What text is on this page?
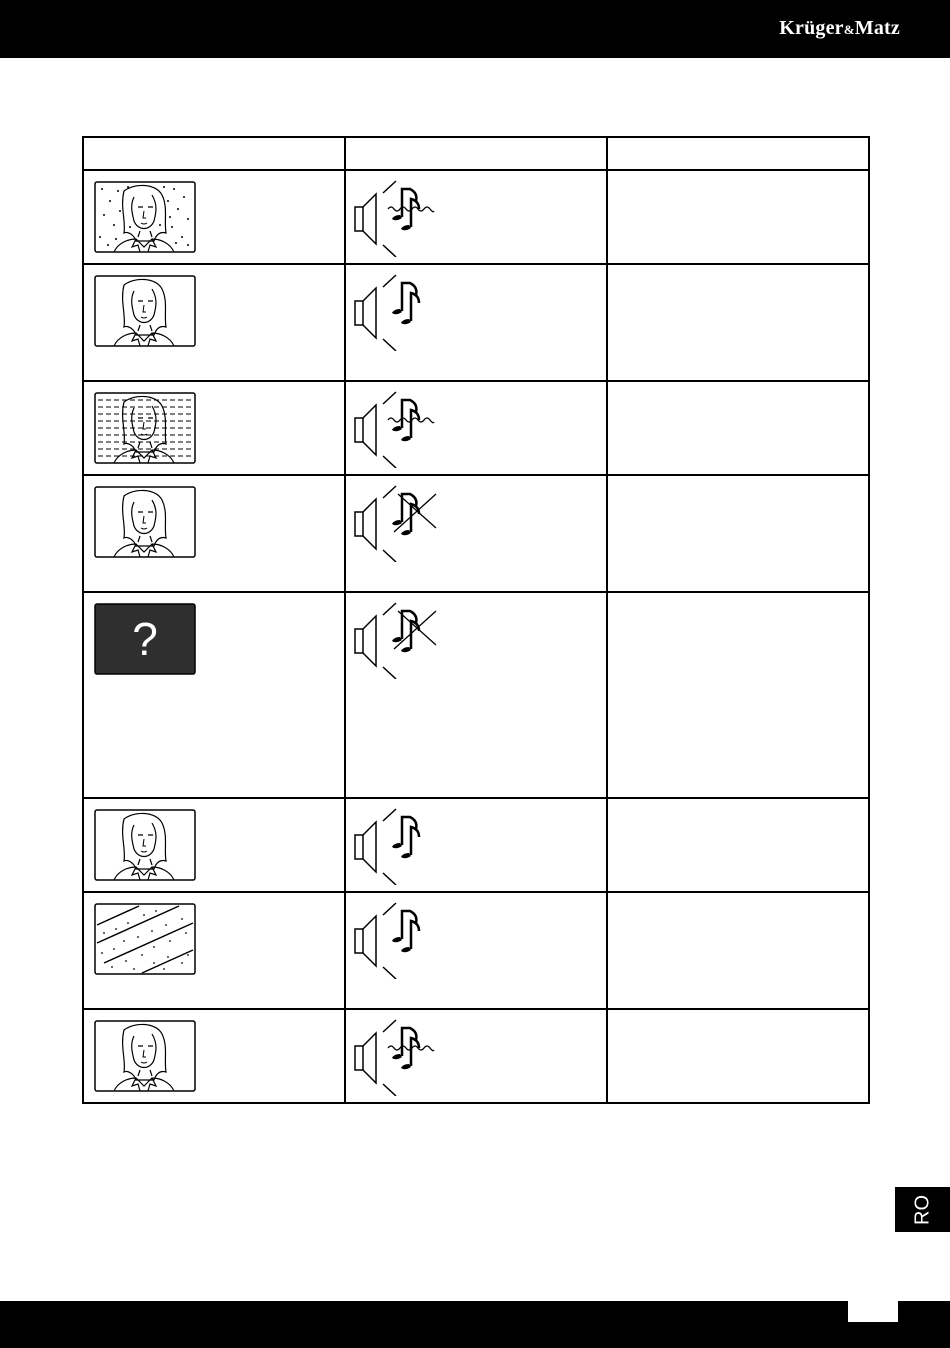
Krüger&Matz

?

RO
